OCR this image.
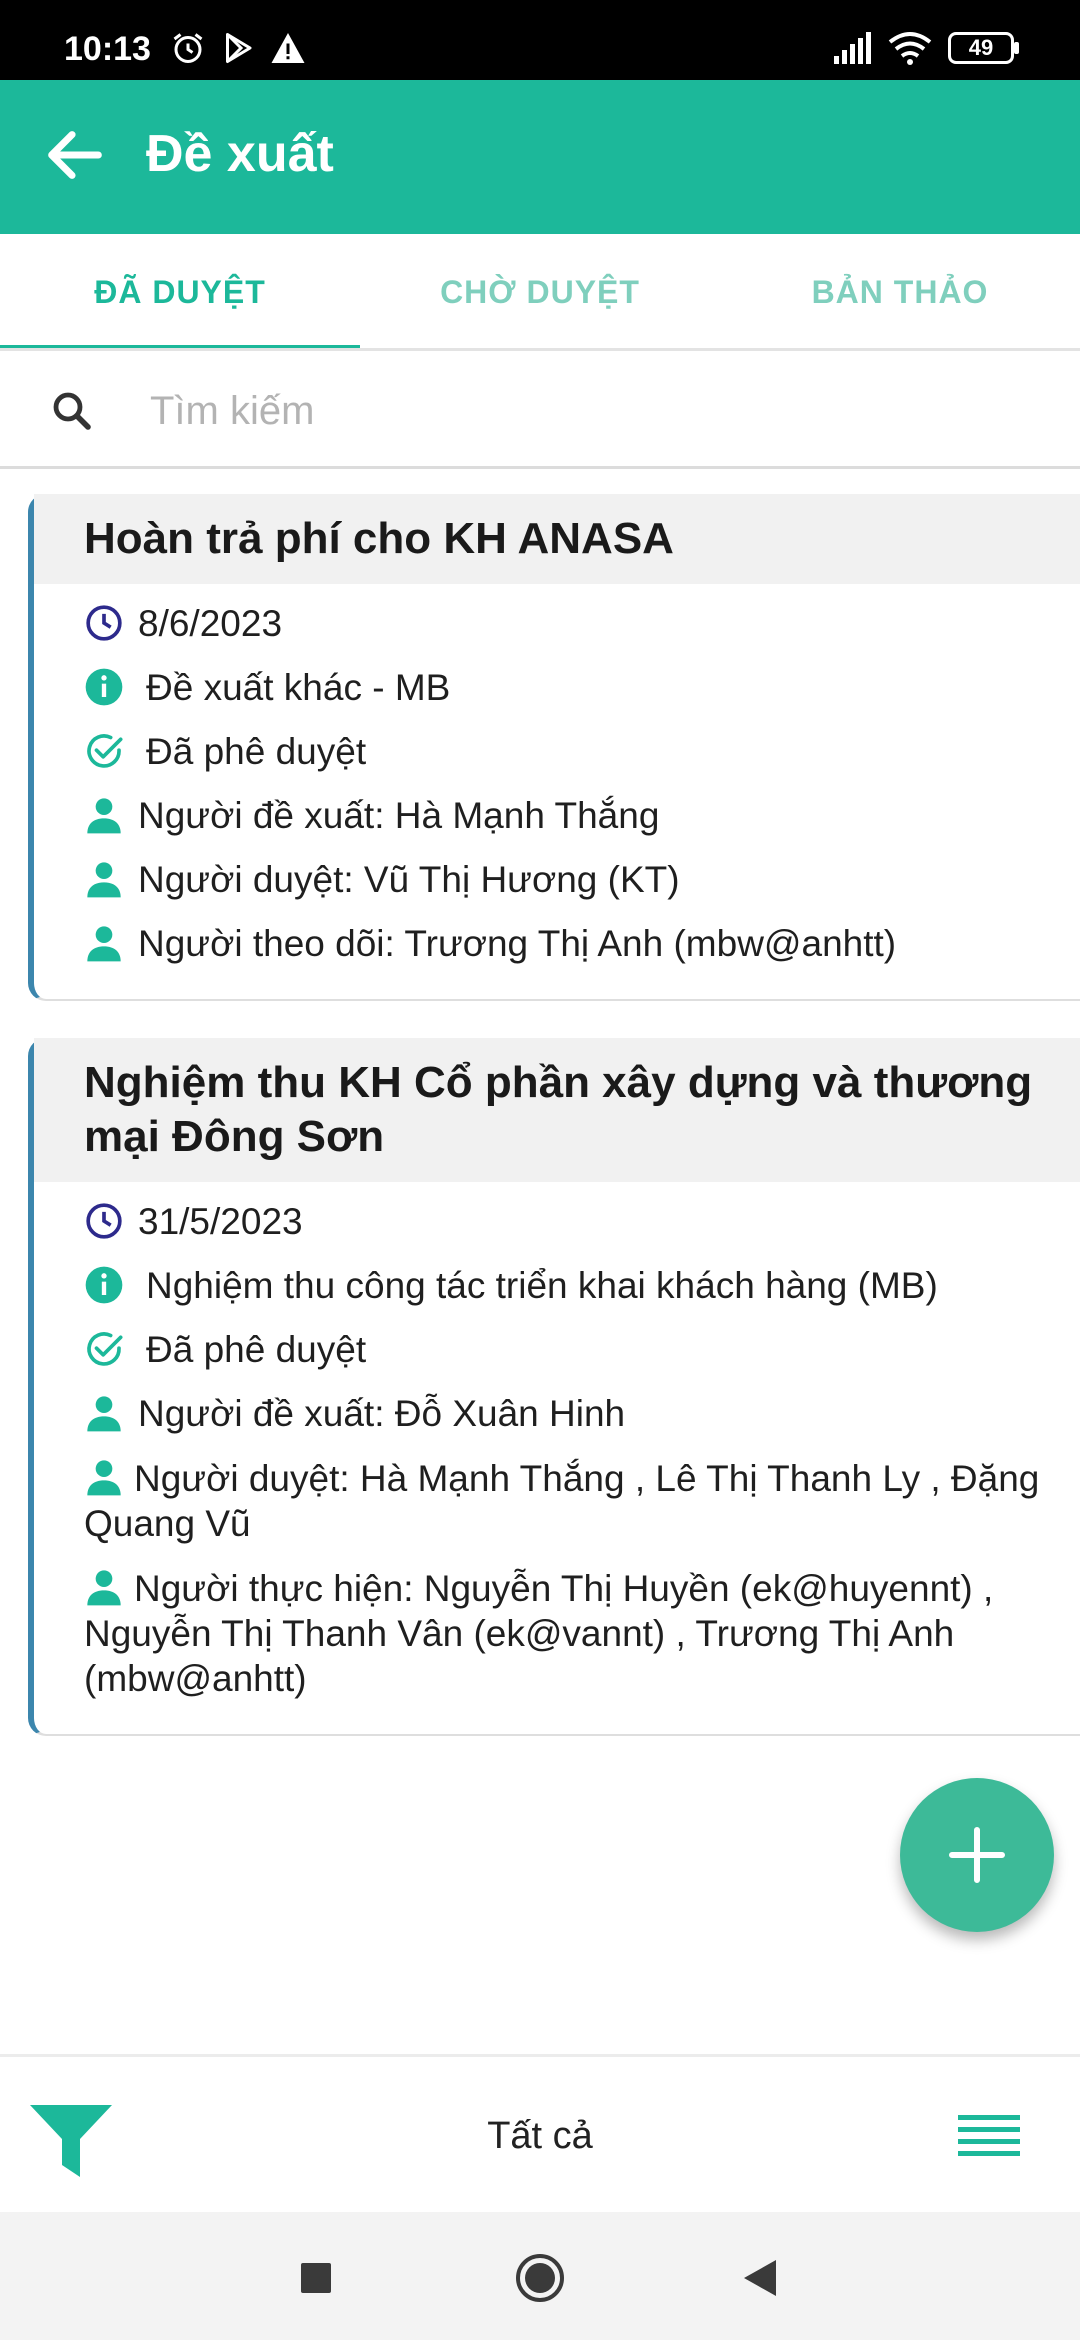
10:13	49
Đề xuất
ĐÃ DUYỆT	CHỜ DUYỆT	BẢN THẢO
Tìm kiếm
Hoàn trả phí cho KH ANASA
8/6/2023
Đề xuất khác - MB
Đã phê duyệt
Người đề xuất: Hà Mạnh Thắng
Người duyệt: Vũ Thị Hương (KT)
Người theo dõi: Trương Thị Anh (mbw@anhtt)
Nghiệm thu KH Cổ phần xây dựng và thương mại Đông Sơn
31/5/2023
Nghiệm thu công tác triển khai khách hàng (MB)
Đã phê duyệt
Người đề xuất: Đỗ Xuân Hinh
Người duyệt: Hà Mạnh Thắng , Lê Thị Thanh Ly , Đặng Quang Vũ
Người thực hiện: Nguyễn Thị Huyền (ek@huyennt) , Nguyễn Thị Thanh Vân (ek@vannt) , Trương Thị Anh (mbw@anhtt)
Tất cả
